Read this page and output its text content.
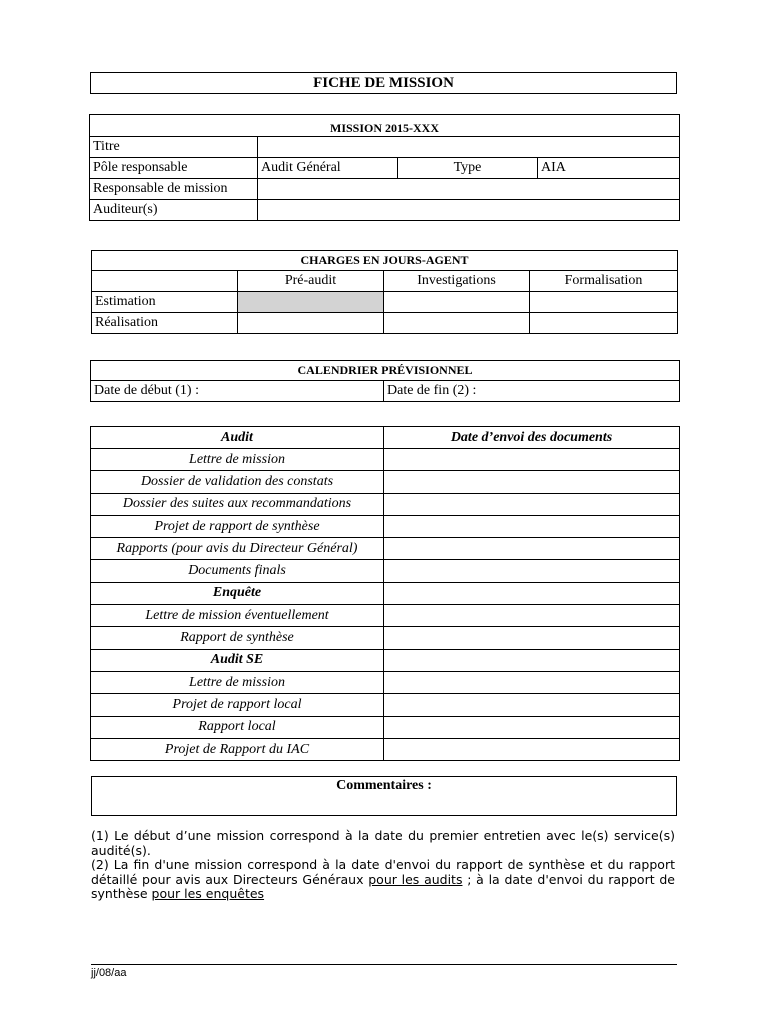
FICHE DE MISSION
MISSION 2015-XXX			
Titre			
Pôle responsable	Audit Général	Type	AIA
Responsable de mission			
Auditeur(s)			
CHARGES EN JOURS-AGENT			
	Pré-audit	Investigations	Formalisation
Estimation			
Réalisation			
CALENDRIER PRÉVISIONNEL
Date de début (1) :	Date de fin (2) :
Audit	Date d’envoi des documents
Lettre de mission	
Dossier de validation des constats	
Dossier des suites aux recommandations	
Projet de rapport de synthèse	
Rapports (pour avis du Directeur Général)	
Documents finals	
Enquête	
Lettre de mission éventuellement	
Rapport de synthèse	
Audit SE	
Lettre de mission	
Projet de rapport local	
Rapport local	
Projet de Rapport du IAC	
Commentaires :
(1) Le début d’une mission correspond à la date du premier entretien avec le(s) service(s) audité(s).
(2) La fin d'une mission correspond à la date d'envoi du rapport de synthèse et du rapport détaillé pour avis aux Directeurs Généraux pour les audits ; à la date d'envoi du rapport de synthèse pour les enquêtes
jj/08/aa
